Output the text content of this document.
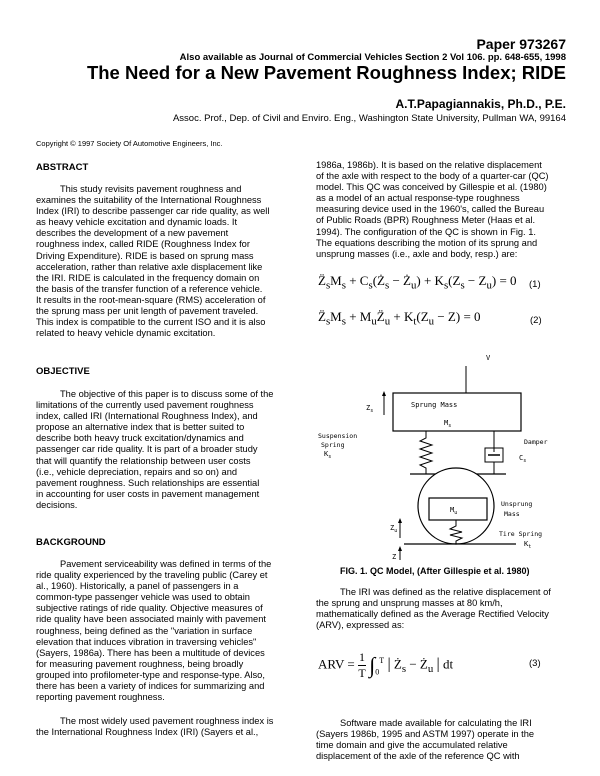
Paper 973267
Also available as Journal of Commercial Vehicles Section 2 Vol 106. pp. 648-655, 1998
The Need for a New Pavement Roughness Index; RIDE
A.T.Papagiannakis, Ph.D., P.E.
Assoc. Prof., Dep. of Civil and Enviro. Eng., Washington State University, Pullman WA, 99164
Copyright © 1997 Society Of Automotive Engineers, Inc.
ABSTRACT

This study revisits pavement roughness and

examines the suitability of the International Roughness

Index (IRI) to describe passenger car ride quality, as well

as heavy vehicle excitation and dynamic loads. It

describes the development of a new pavement

roughness index, called RIDE (Roughness Index for

Driving Expenditure). RIDE is based on sprung mass

acceleration, rather than relative axle displacement like

the IRI. RIDE is calculated in the frequency domain on

the basis of the transfer function of a reference vehicle.

It results in the root-mean-square (RMS) acceleration of

the sprung mass per unit length of pavement traveled.

This index is compatible to the current ISO and it is also

related to heavy vehicle dynamic excitation.

OBJECTIVE

The objective of this paper is to discuss some of the

limitations of the currently used pavement roughness

index, called IRI (International Roughness Index), and

propose an alternative index that is better suited to

describe both heavy truck excitation/dynamics and

passenger car ride quality. It is part of a broader study

that will quantify the relationship between user costs

(i.e., vehicle depreciation, repairs and so on) and

pavement roughness. Such relationships are essential

in accounting for user costs in pavement management

decisions.

BACKGROUND

Pavement serviceability was defined in terms of the

ride quality experienced by the traveling public (Carey et

al., 1960). Historically, a panel of passengers in a

common-type passenger vehicle was used to obtain

subjective ratings of ride quality. Objective measures of

ride quality have been associated mainly with pavement

roughness, being defined as the "variation in surface

elevation that induces vibration in traversing vehicles"

(Sayers, 1986a). There has been a multitude of devices

for measuring pavement roughness, being broadly

grouped into profilometer-type and response-type. Also,

there has been a variety of indices for summarizing and

reporting pavement roughness.

The most widely used pavement roughness index is

the International Roughness Index (IRI) (Sayers et al.,

1986a, 1986b). It is based on the relative displacement

of the axle with respect to the body of a quarter-car (QC)

model. This QC was conceived by Gillespie et al. (1980)

as a model of an actual response-type roughness

measuring device used in the 1960's, called the Bureau

of Public Roads (BPR) Roughness Meter (Haas et al.

1994). The configuration of the QC is shown in Fig. 1.

The equations describing the motion of its sprung and

unsprung masses (i.e., axle and body, resp.) are:

$Z̈_sM_s$ + $C_s(Ż_s$ − $Ż_u) + K_s(Z_s - Z_u) = 0$ (1)
$Z̈_sM_s$ + $M_uZ̈_u + K_t(Z_u - Z) = 0$	(2)
V
Sprung Mass
$M_s$
$Z_s$
Suspension
Spring
$K_s$
Damper
$C_s$
$M_u$
Unsprung
Mass
$Z_u$	Tire Spring
$K_t$
Z
FIG. 1. QC Model, (After Gillespie et al. 1980)

The IRI was defined as the relative displacement of

the sprung and unsprung masses at 80 km/h,

mathematically defined as the Average Rectified Velocity

(ARV), expressed as:

ARV = $\frac{1}{T} \int_0^T$ | $Ż_s$ − $Ż_u$ | dt	(3)

Software made available for calculating the IRI

(Sayers 1986b, 1995 and ASTM 1997) operate in the

time domain and give the accumulated relative

displacement of the axle of the reference QC with
